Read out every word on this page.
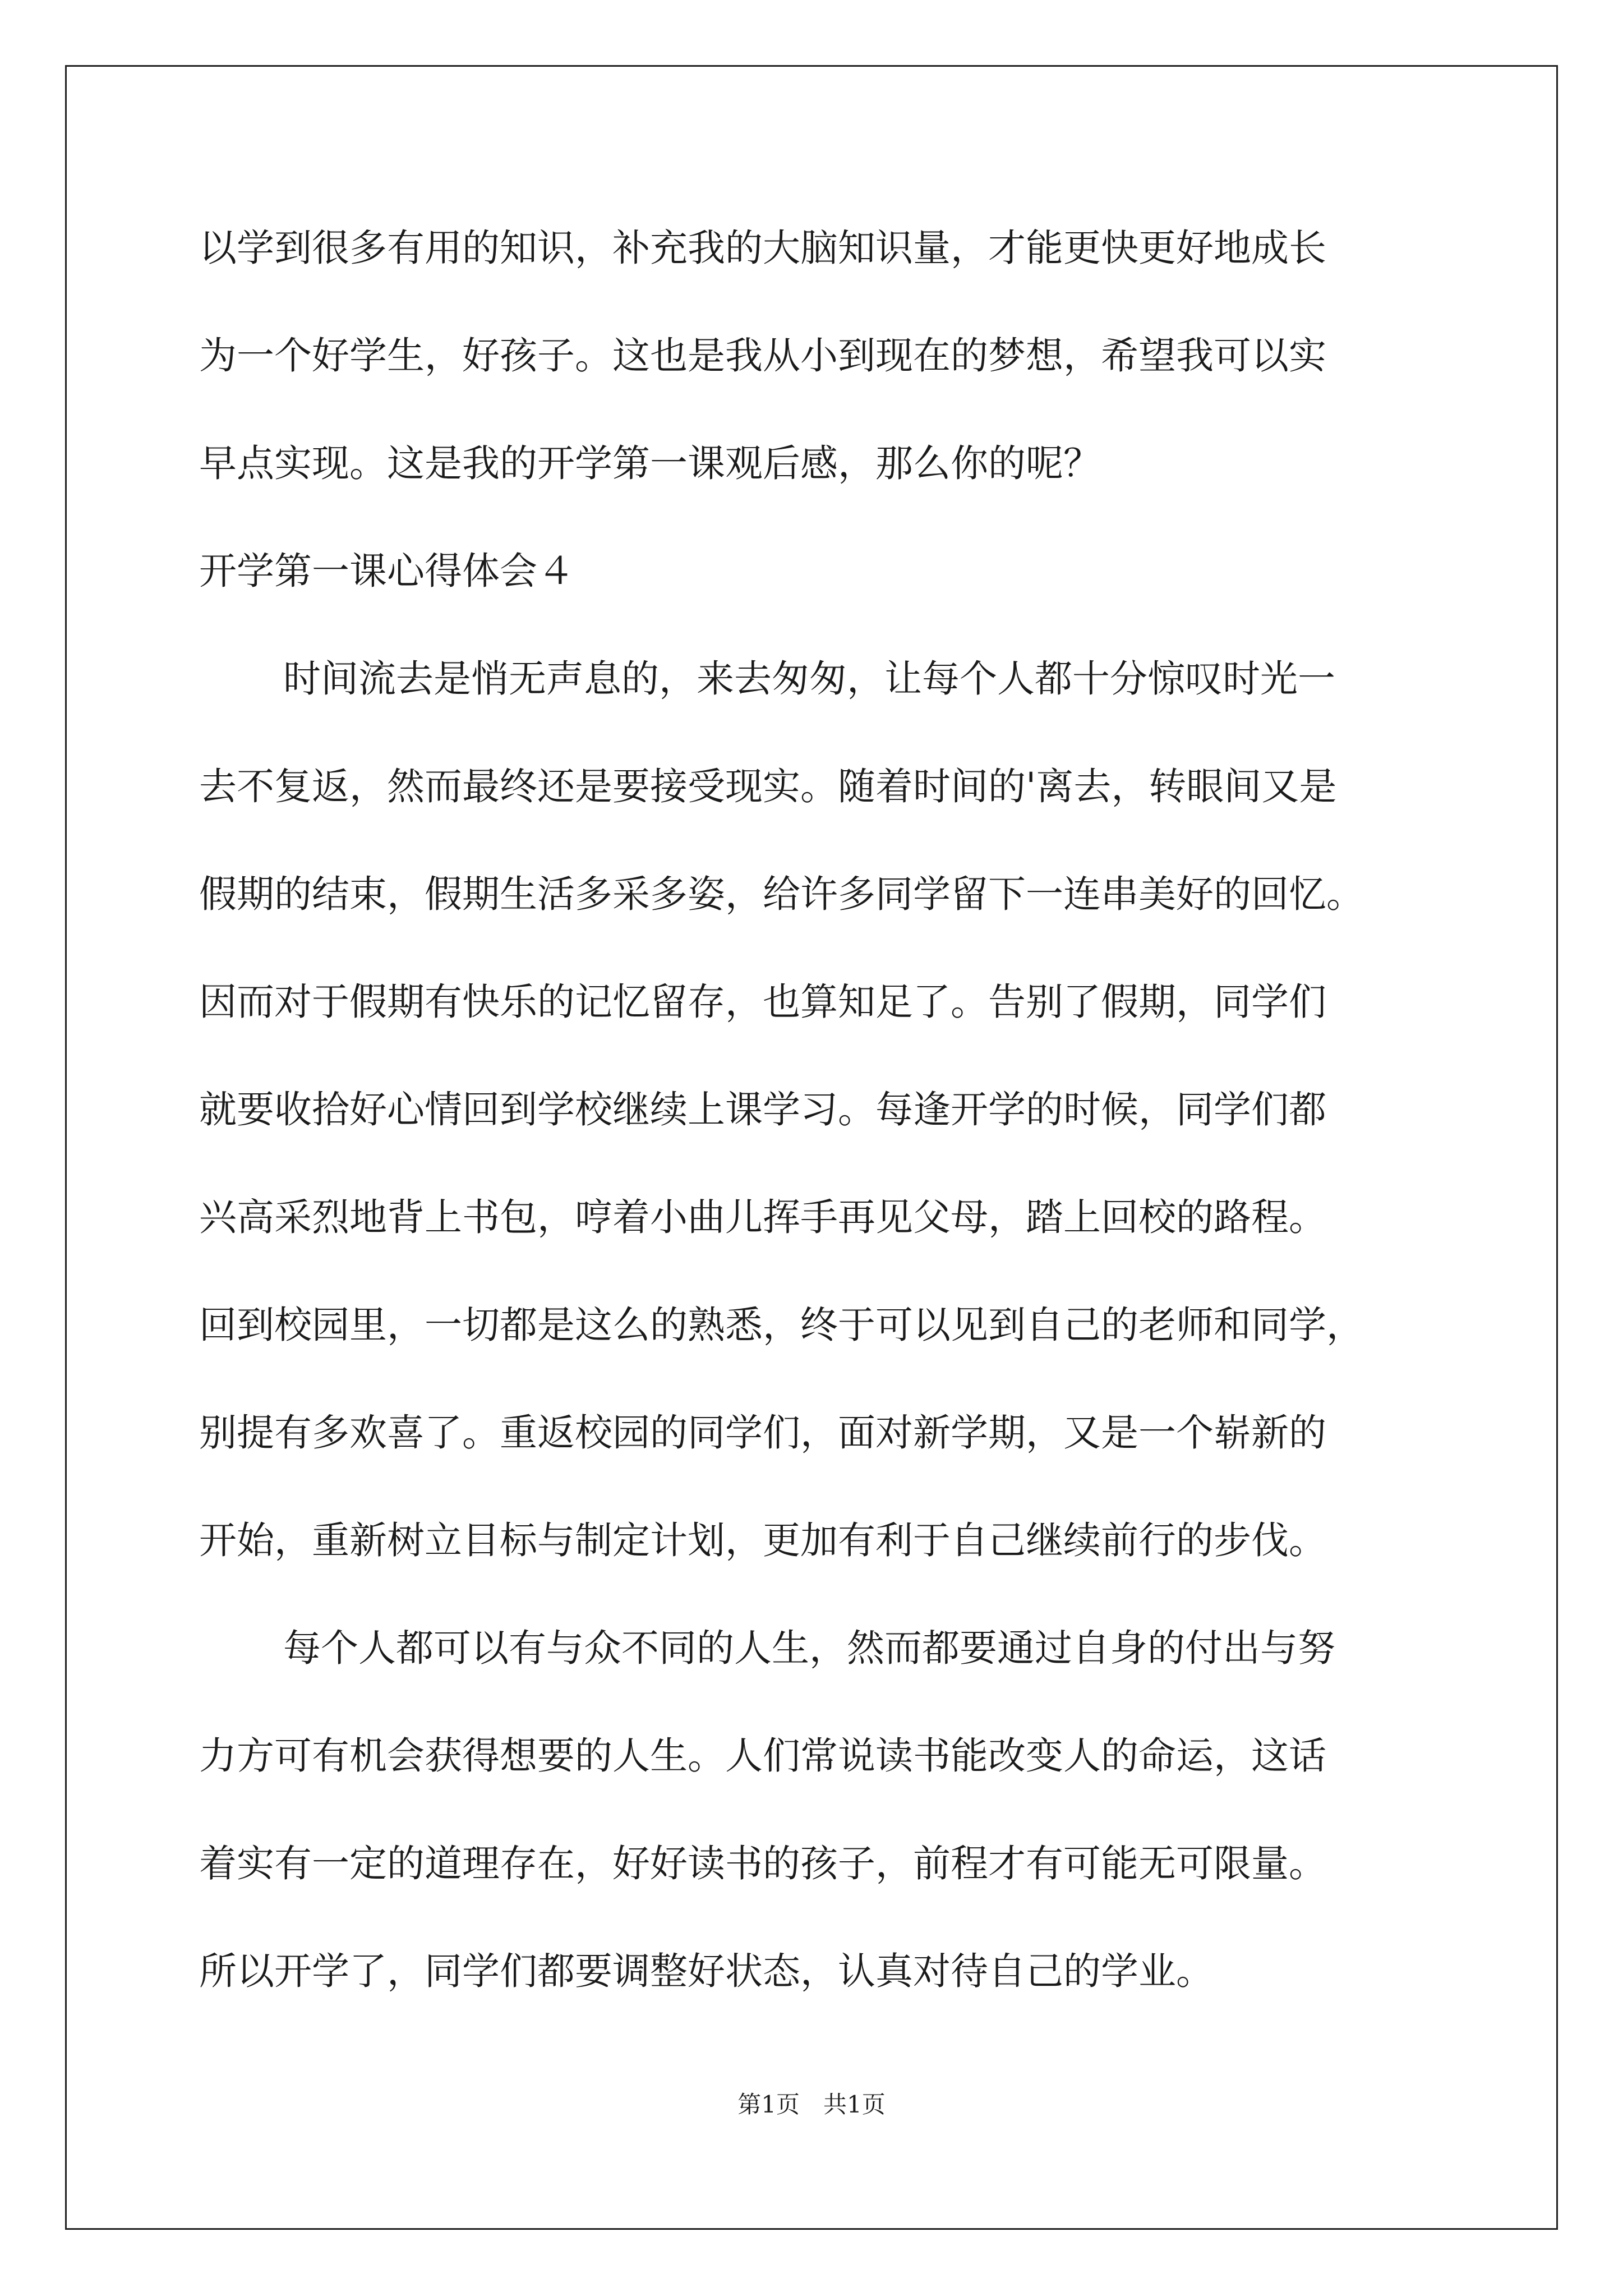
以学到很多有用的知识，补充我的大脑知识量，才能更快更好地成长
为一个好学生，好孩子。这也是我从小到现在的梦想，希望我可以实
早点实现。这是我的开学第一课观后感，那么你的呢？
开学第一课心得体会４
时间流去是悄无声息的，来去匆匆，让每个人都十分惊叹时光一
去不复返，然而最终还是要接受现实。随着时间的'离去，转眼间又是
假期的结束，假期生活多采多姿，给许多同学留下一连串美好的回忆。
因而对于假期有快乐的记忆留存，也算知足了。告别了假期，同学们
就要收拾好心情回到学校继续上课学习。每逢开学的时候，同学们都
兴高采烈地背上书包，哼着小曲儿挥手再见父母，踏上回校的路程。
回到校园里，一切都是这么的熟悉，终于可以见到自己的老师和同学，
别提有多欢喜了。重返校园的同学们，面对新学期，又是一个崭新的
开始，重新树立目标与制定计划，更加有利于自己继续前行的步伐。
每个人都可以有与众不同的人生，然而都要通过自身的付出与努
力方可有机会获得想要的人生。人们常说读书能改变人的命运，这话
着实有一定的道理存在，好好读书的孩子，前程才有可能无可限量。
所以开学了，同学们都要调整好状态，认真对待自己的学业。
第1页　共1页
